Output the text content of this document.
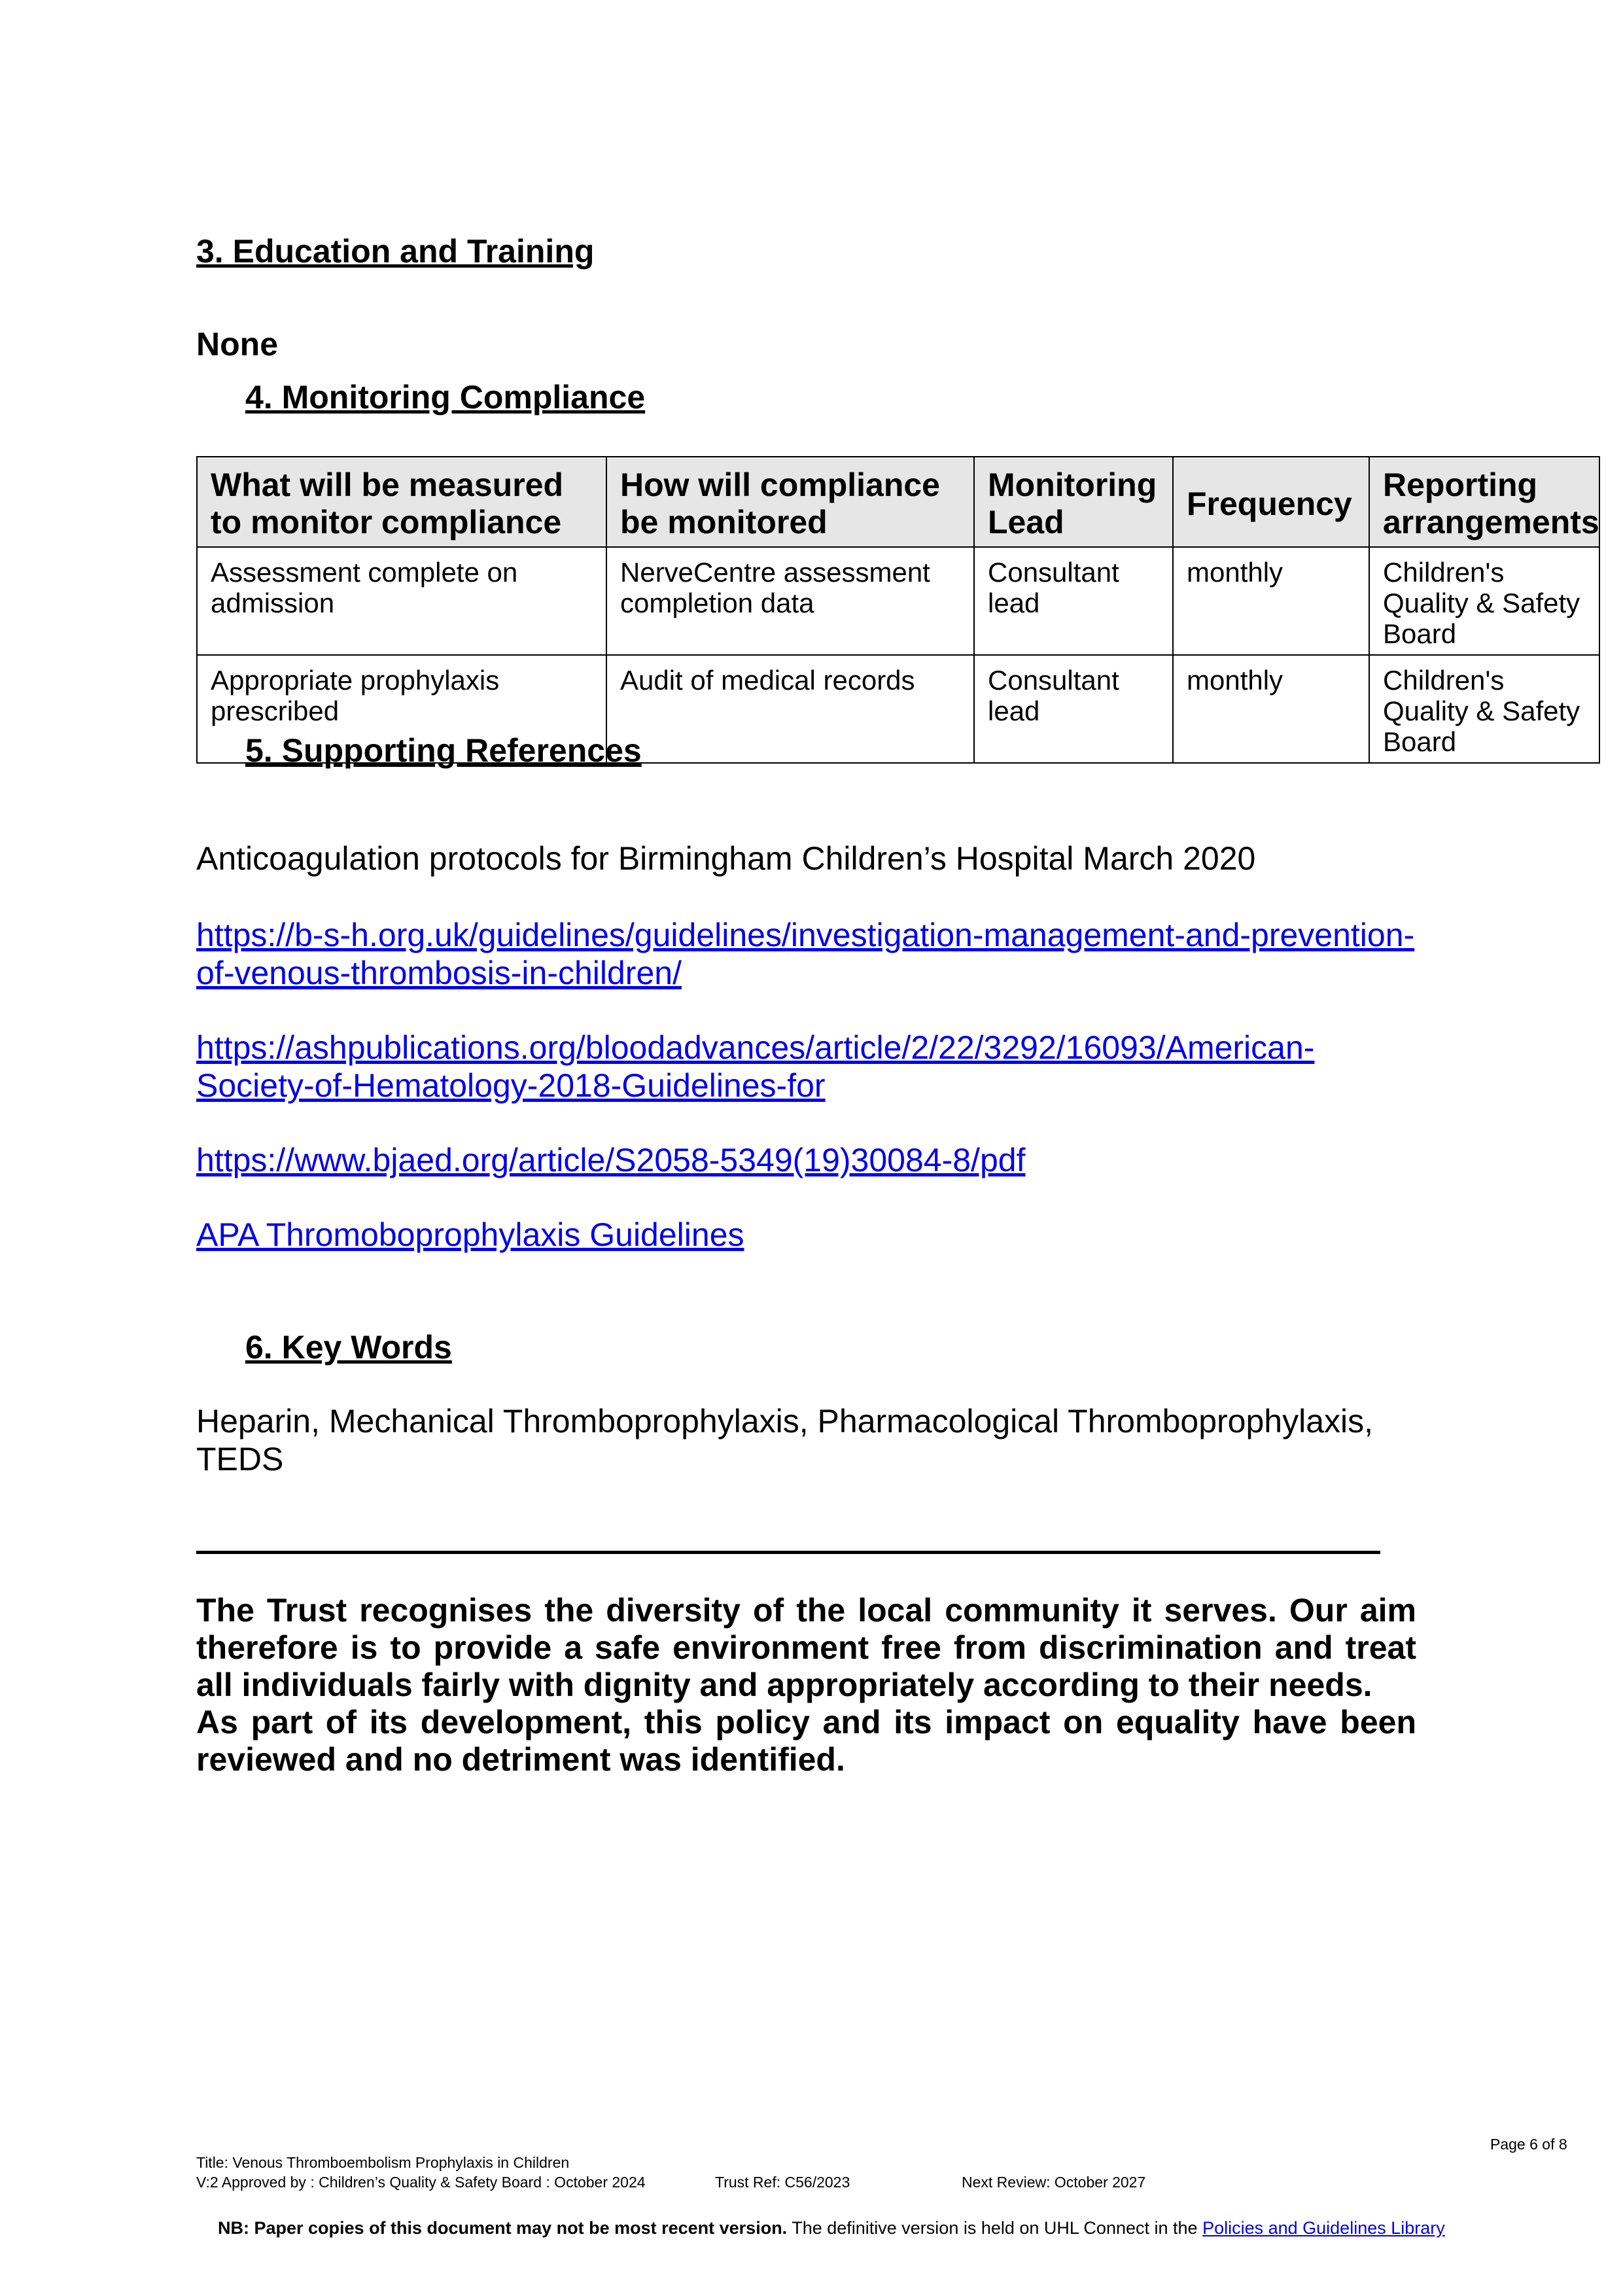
3. Education and Training
None
4. Monitoring Compliance
What will be measured to monitor compliance	How will compliance be monitored	Monitoring Lead	Frequency	Reporting arrangements
Assessment complete on admission	NerveCentre assessment completion data	Consultant lead	monthly	Children's Quality & Safety Board
Appropriate prophylaxis prescribed	Audit of medical records	Consultant lead	monthly	Children's Quality & Safety Board
5. Supporting References
Anticoagulation protocols for Birmingham Children’s Hospital March 2020
https://b-s-h.org.uk/guidelines/guidelines/investigation-management-and-prevention-
of-venous-thrombosis-in-children/
https://ashpublications.org/bloodadvances/article/2/22/3292/16093/American-
Society-of-Hematology-2018-Guidelines-for
https://www.bjaed.org/article/S2058-5349(19)30084-8/pdf
APA Thromoboprophylaxis Guidelines
6. Key Words
Heparin, Mechanical Thromboprophylaxis, Pharmacological Thromboprophylaxis,
TEDS
The Trust recognises the diversity of the local community it serves. Our aim therefore is to provide a safe environment free from discrimination and treat all individuals fairly with dignity and appropriately according to their needs.
As part of its development, this policy and its impact on equality have been reviewed and no detriment was identified.
Page 6 of 8
Title: Venous Thromboembolism Prophylaxis in Children
V:2 Approved by : Children’s Quality & Safety Board : October 2024	Trust Ref: C56/2023	Next Review: October 2027
NB: Paper copies of this document may not be most recent version. The definitive version is held on UHL Connect in the Policies and Guidelines Library
